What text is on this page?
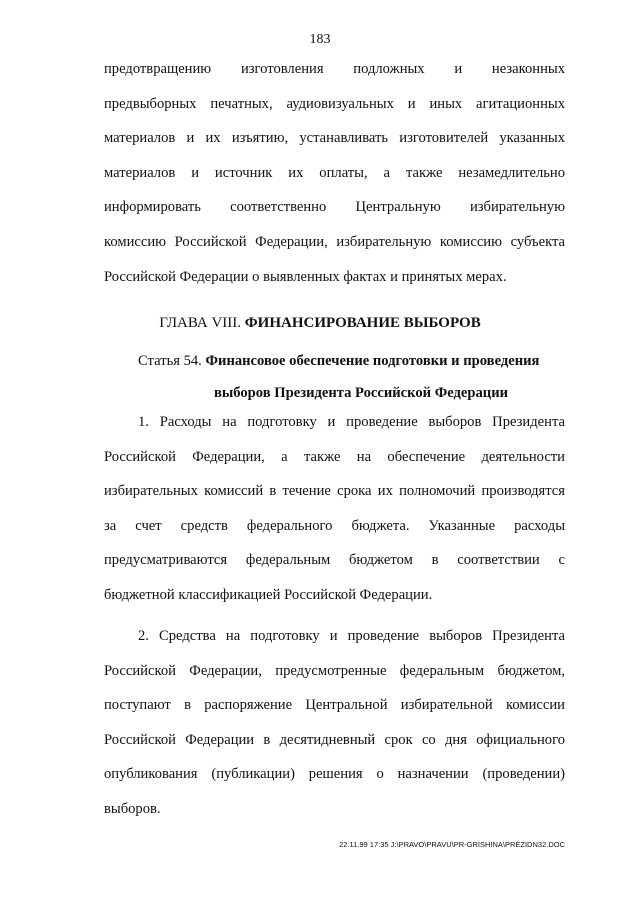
183
предотвращению изготовления подложных и незаконных
предвыборных печатных, аудиовизуальных и иных агитационных
материалов и их изъятию, устанавливать изготовителей указанных
материалов и источник их оплаты, а также незамедлительно
информировать соответственно Центральную избирательную
комиссию Российской Федерации, избирательную комиссию субъекта
Российской Федерации о выявленных фактах и принятых мерах.
ГЛАВА VIII. ФИНАНСИРОВАНИЕ ВЫБОРОВ
Статья 54. Финансовое обеспечение подготовки и проведения
выборов Президента Российской Федерации
1. Расходы на подготовку и проведение выборов Президента
Российской Федерации, а также на обеспечение деятельности
избирательных комиссий в течение срока их полномочий производятся
за счет средств федерального бюджета. Указанные расходы
предусматриваются федеральным бюджетом в соответствии с
бюджетной классификацией Российской Федерации.
2. Средства на подготовку и проведение выборов Президента
Российской Федерации, предусмотренные федеральным бюджетом,
поступают в распоряжение Центральной избирательной комиссии
Российской Федерации в десятидневный срок со дня официального
опубликования (публикации) решения о назначении (проведении)
выборов.
22.11.99 17:35 J:\PRAVO\PRAVU\PR-GRISHINA\PREZIDN32.DOC
